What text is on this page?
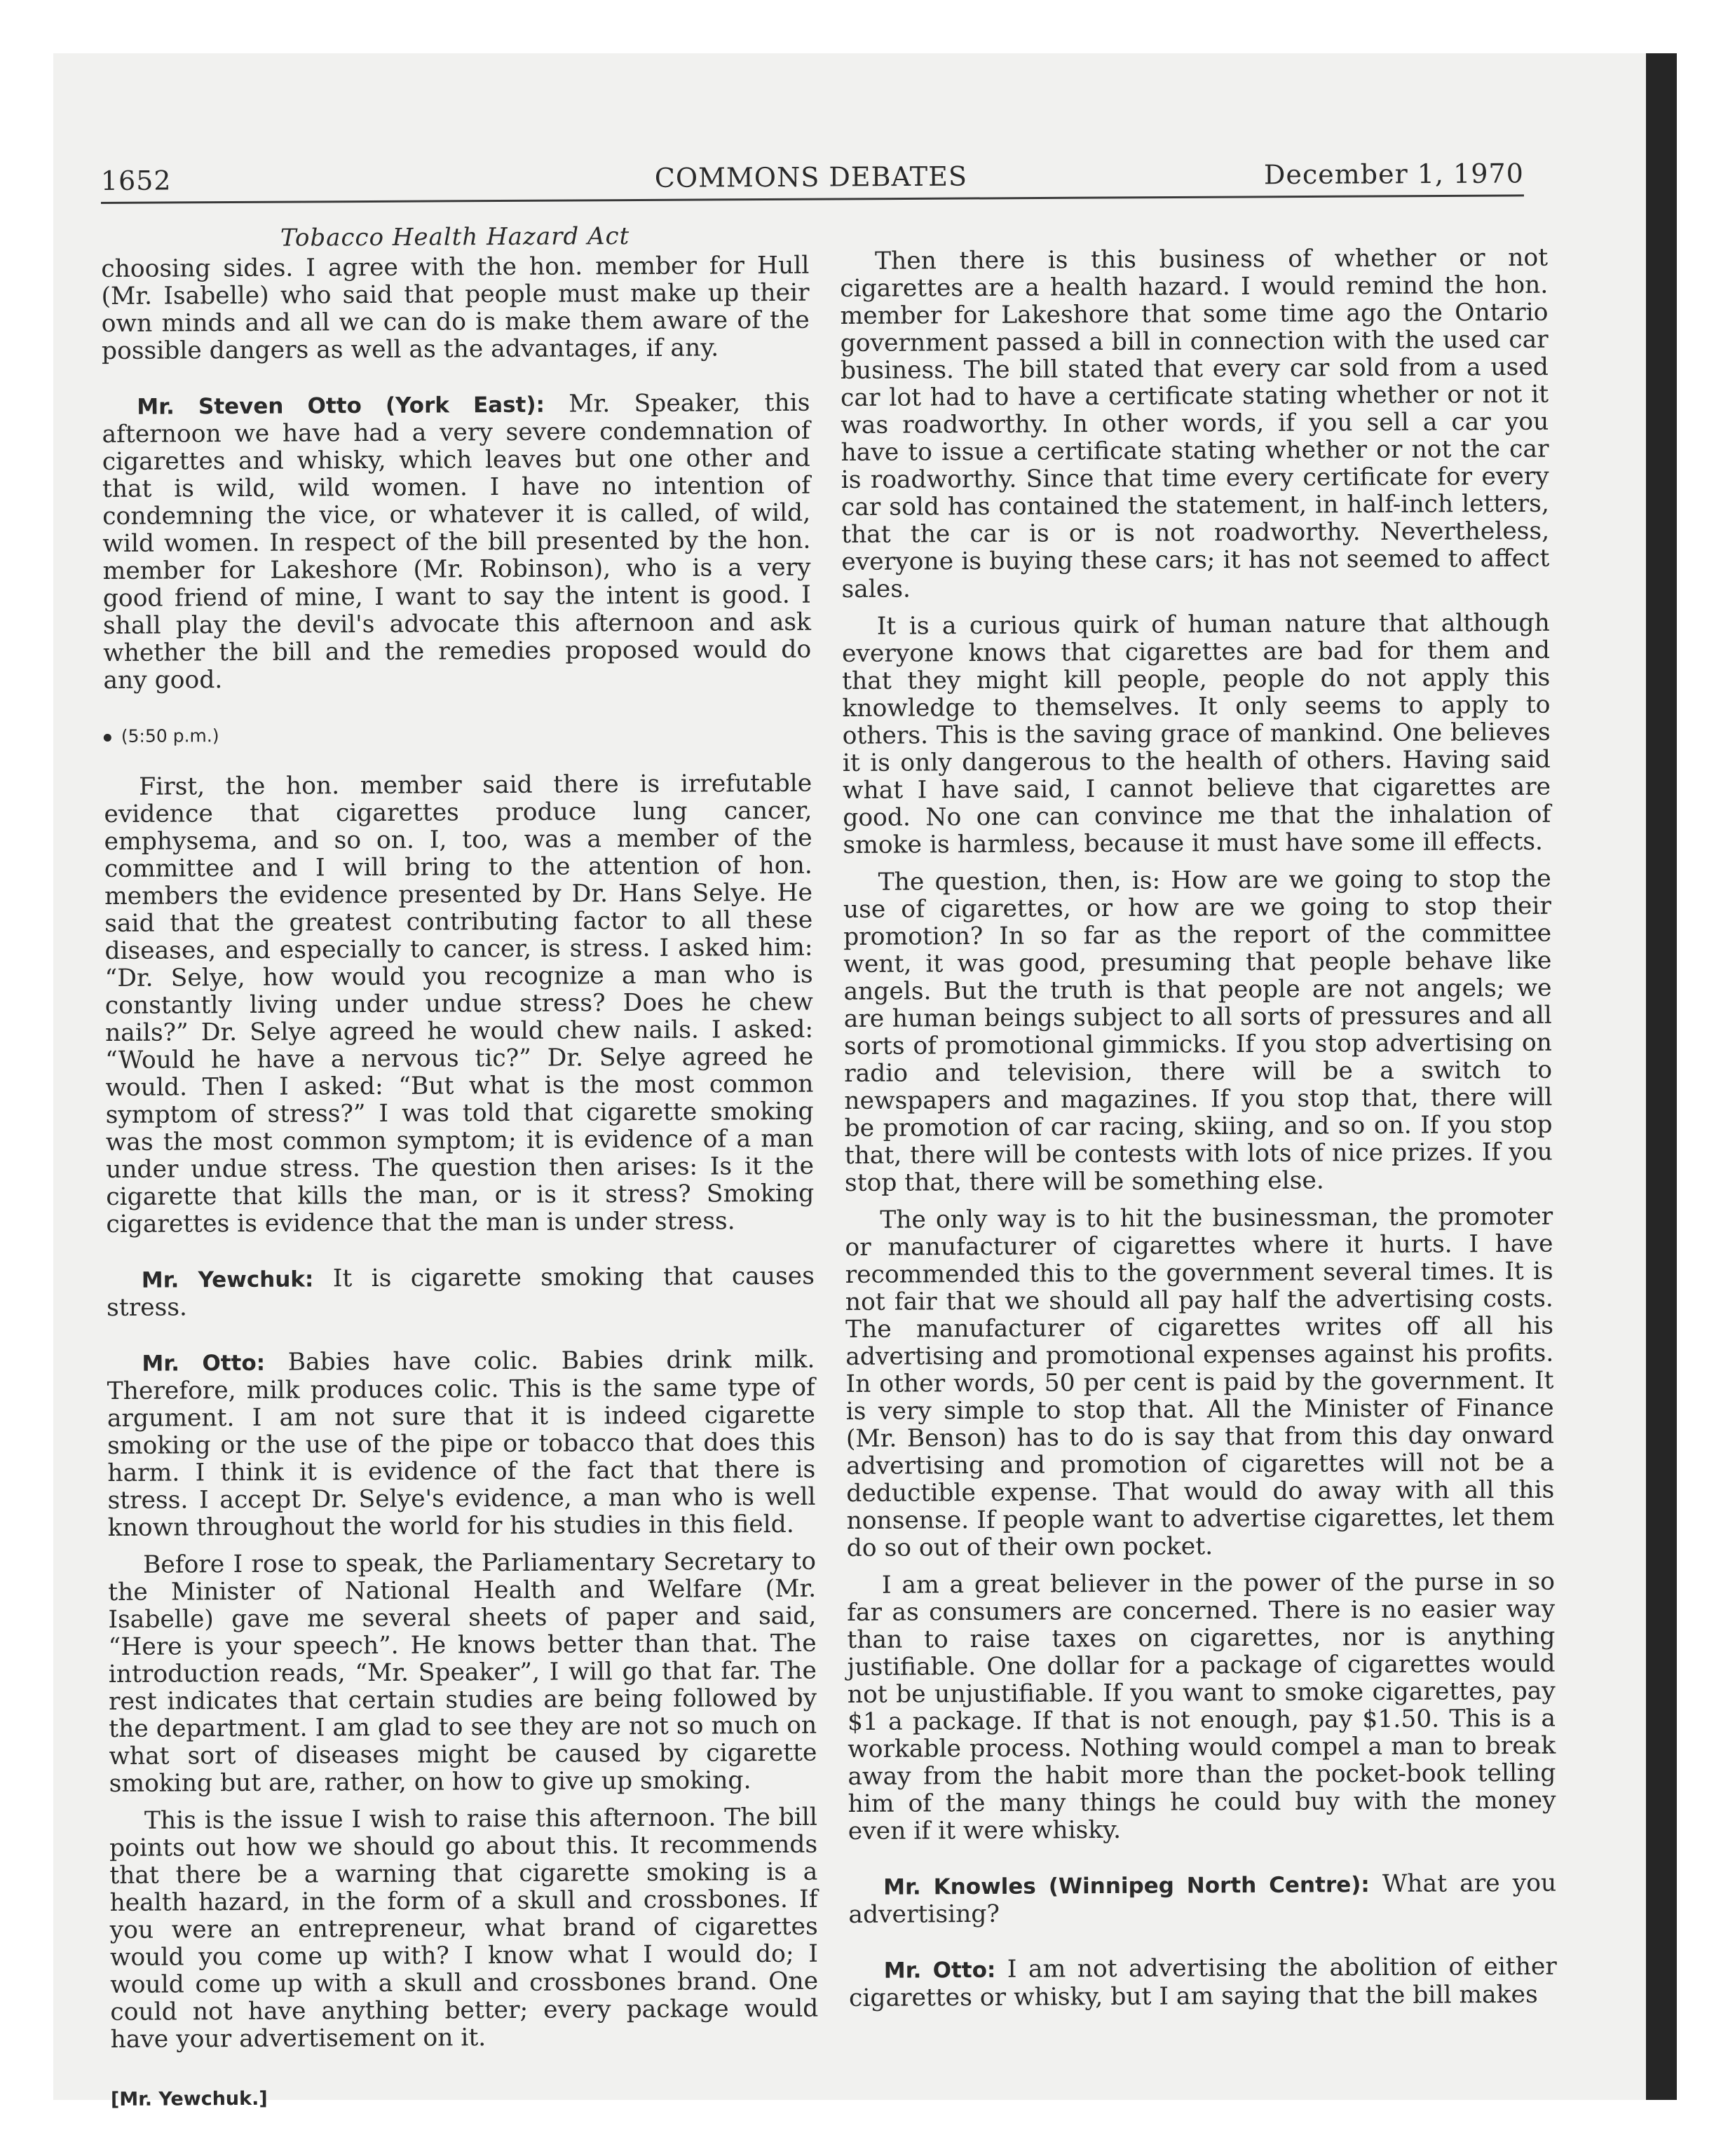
1652	COMMONS DEBATES	December 1, 1970
Tobacco Health Hazard Act

choosing sides. I agree with the hon. member for Hull (Mr. Isabelle) who said that people must make up their own minds and all we can do is make them aware of the possible dangers as well as the advantages, if any.

Mr. Steven Otto (York East): Mr. Speaker, this afternoon we have had a very severe condemnation of cigarettes and whisky, which leaves but one other and that is wild, wild women. I have no intention of condemning the vice, or whatever it is called, of wild, wild women. In respect of the bill presented by the hon. member for Lakeshore (Mr. Robinson), who is a very good friend of mine, I want to say the intent is good. I shall play the devil's advocate this afternoon and ask whether the bill and the remedies proposed would do any good.

(5:50 p.m.)

First, the hon. member said there is irrefutable evidence that cigarettes produce lung cancer, emphysema, and so on. I, too, was a member of the committee and I will bring to the attention of hon. members the evidence presented by Dr. Hans Selye. He said that the greatest contributing factor to all these diseases, and especially to cancer, is stress. I asked him: “Dr. Selye, how would you recognize a man who is constantly living under undue stress? Does he chew nails?” Dr. Selye agreed he would chew nails. I asked: “Would he have a nervous tic?” Dr. Selye agreed he would. Then I asked: “But what is the most common symptom of stress?” I was told that cigarette smoking was the most common symptom; it is evidence of a man under undue stress. The question then arises: Is it the cigarette that kills the man, or is it stress? Smoking cigarettes is evidence that the man is under stress.

Mr. Yewchuk: It is cigarette smoking that causes stress.

Mr. Otto: Babies have colic. Babies drink milk. Therefore, milk produces colic. This is the same type of argument. I am not sure that it is indeed cigarette smoking or the use of the pipe or tobacco that does this harm. I think it is evidence of the fact that there is stress. I accept Dr. Selye's evidence, a man who is well known throughout the world for his studies in this field.

Before I rose to speak, the Parliamentary Secretary to the Minister of National Health and Welfare (Mr. Isabelle) gave me several sheets of paper and said, “Here is your speech”. He knows better than that. The introduction reads, “Mr. Speaker”, I will go that far. The rest indicates that certain studies are being followed by the department. I am glad to see they are not so much on what sort of diseases might be caused by cigarette smoking but are, rather, on how to give up smoking.

This is the issue I wish to raise this afternoon. The bill points out how we should go about this. It recommends that there be a warning that cigarette smoking is a health hazard, in the form of a skull and crossbones. If you were an entrepreneur, what brand of cigarettes would you come up with? I know what I would do; I would come up with a skull and crossbones brand. One could not have anything better; every package would have your advertisement on it.

[Mr. Yewchuk.]

Then there is this business of whether or not cigarettes are a health hazard. I would remind the hon. member for Lakeshore that some time ago the Ontario government passed a bill in connection with the used car business. The bill stated that every car sold from a used car lot had to have a certificate stating whether or not it was roadworthy. In other words, if you sell a car you have to issue a certificate stating whether or not the car is roadworthy. Since that time every certificate for every car sold has contained the statement, in half-inch letters, that the car is or is not roadworthy. Nevertheless, everyone is buying these cars; it has not seemed to affect sales.

It is a curious quirk of human nature that although everyone knows that cigarettes are bad for them and that they might kill people, people do not apply this knowledge to themselves. It only seems to apply to others. This is the saving grace of mankind. One believes it is only dangerous to the health of others. Having said what I have said, I cannot believe that cigarettes are good. No one can convince me that the inhalation of smoke is harmless, because it must have some ill effects.

The question, then, is: How are we going to stop the use of cigarettes, or how are we going to stop their promotion? In so far as the report of the committee went, it was good, presuming that people behave like angels. But the truth is that people are not angels; we are human beings subject to all sorts of pressures and all sorts of promotional gimmicks. If you stop advertising on radio and television, there will be a switch to newspapers and magazines. If you stop that, there will be promotion of car racing, skiing, and so on. If you stop that, there will be contests with lots of nice prizes. If you stop that, there will be something else.

The only way is to hit the businessman, the promoter or manufacturer of cigarettes where it hurts. I have recommended this to the government several times. It is not fair that we should all pay half the advertising costs. The manufacturer of cigarettes writes off all his advertising and promotional expenses against his profits. In other words, 50 per cent is paid by the government. It is very simple to stop that. All the Minister of Finance (Mr. Benson) has to do is say that from this day onward advertising and promotion of cigarettes will not be a deductible expense. That would do away with all this nonsense. If people want to advertise cigarettes, let them do so out of their own pocket.

I am a great believer in the power of the purse in so far as consumers are concerned. There is no easier way than to raise taxes on cigarettes, nor is anything justifiable. One dollar for a package of cigarettes would not be unjustifiable. If you want to smoke cigarettes, pay $1 a package. If that is not enough, pay $1.50. This is a workable process. Nothing would compel a man to break away from the habit more than the pocket-book telling him of the many things he could buy with the money even if it were whisky.

Mr. Knowles (Winnipeg North Centre): What are you advertising?

Mr. Otto: I am not advertising the abolition of either cigarettes or whisky, but I am saying that the bill makes
